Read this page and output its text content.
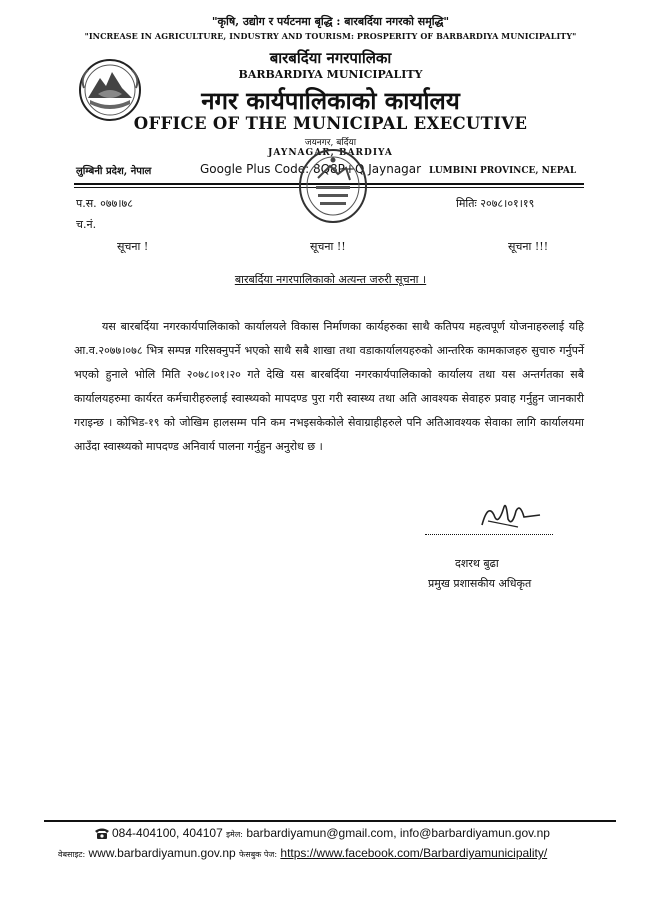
"कृषि, उद्योग र पर्यटनमा बृद्धि : बारबर्दिया नगरको समृद्धि"
"INCREASE IN AGRICULTURE, INDUSTRY AND TOURISM: PROSPERITY OF BARBARDIYA MUNICIPALITY"
बारबर्दिया नगरपालिका
BARBARDIYA MUNICIPALITY
नगर कार्यपालिकाको कार्यालय
OFFICE OF THE MUNICIPAL EXECUTIVE
जयनगर, बर्दिया
JAYNAGAR, BARDIYA
लुम्बिनी प्रदेश, नेपाल	Google Plus Code: 8Q8P+Q Jaynagar LUMBINI PROVINCE, NEPAL
प.स. ०७७।७८	मितिः २०७८।०१।१९
च.नं.
सूचना !	सूचना !!	सूचना !!!
बारबर्दिया नगरपालिकाको अत्यन्त जरुरी सूचना ।
यस बारबर्दिया नगरकार्यपालिकाको कार्यालयले विकास निर्माणका कार्यहरुका साथै कतिपय महत्वपूर्ण योजनाहरुलाई यहि आ.व.२०७७।०७८ भित्र सम्पन्न गरिसक्नुपर्ने भएको साथै सबै शाखा तथा वडाकार्यालयहरुको आन्तरिक कामकाजहरु सुचारु गर्नुपर्ने भएको हुनाले भोलि मिति २०७८।०१।२० गते देखि यस बारबर्दिया नगरकार्यपालिकाको कार्यालय तथा यस अन्तर्गतका सबै कार्यालयहरुमा कार्यरत कर्मचारीहरुलाई स्वास्थ्यको मापदण्ड पुरा गरी स्वास्थ्य तथा अति आवश्यक सेवाहरु प्रवाह गर्नुहुन जानकारी गराइन्छ । कोभिड-१९ को जोखिम हालसम्म पनि कम नभइसकेकोले सेवाग्राहीहरुले पनि अतिआवश्यक सेवाका लागि कार्यालयमा आउँदा स्वास्थ्यको मापदण्ड अनिवार्य पालना गर्नुहुन अनुरोध छ ।
दशरथ बुढा
प्रमुख प्रशासकीय अधिकृत
084-404100, 404107 इमेल: barbardiyamun@gmail.com, info@barbardiyamun.gov.np
वेबसाइट: www.barbardiyamun.gov.np फेसबुक पेज: https://www.facebook.com/Barbardiyamunicipality/
